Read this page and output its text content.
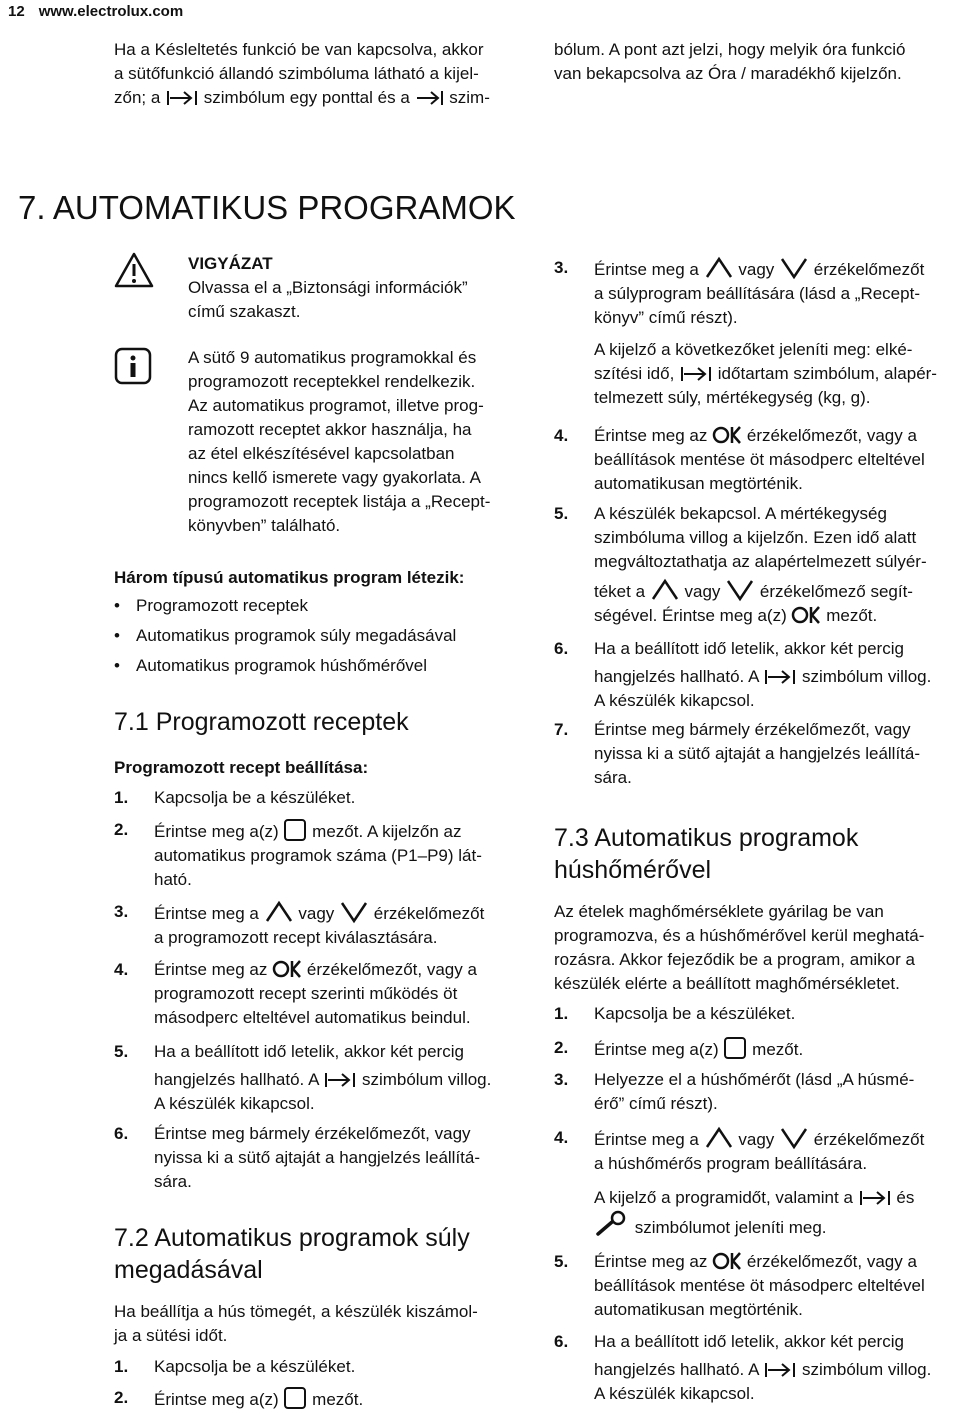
12 www.electrolux.com
Ha a Késleltetés funkció be van kapcsolva, akkor
a sütőfunkció állandó szimbóluma látható a kijel-
zőn; a	szimbólum egy ponttal és a szim-
bólum. A pont azt jelzi, hogy melyik óra funkció
van bekapcsolva az Óra / maradékhő kijelzőn.
7. AUTOMATIKUS PROGRAMOK
VIGYÁZAT
Olvassa el a „Biztonsági információk”
című szakaszt.
A sütő 9 automatikus programokkal és
programozott receptekkel rendelkezik.
Az automatikus programot, illetve prog-
ramozott receptet akkor használja, ha
az étel elkészítésével kapcsolatban
nincs kellő ismerete vagy gyakorlata. A
programozott receptek listája a „Recept-
könyvben” található.
Három típusú automatikus program létezik:
• Programozott receptek
• Automatikus programok súly megadásával
• Automatikus programok húshőmérővel
7.1 Programozott receptek
Programozott recept beállítása:
1. Kapcsolja be a készüléket.
2. Érintse meg a(z) mezőt. A kijelzőn az
automatikus programok száma (P1–P9) lát-
ható.
3. Érintse meg a vagy érzékelőmezőt
a programozott recept kiválasztására.
4. Érintse meg az érzékelőmezőt, vagy a
programozott recept szerinti működés öt
másodperc elteltével automatikus beindul.
5. Ha a beállított idő letelik, akkor két percig
hangjelzés hallható. A	szimbólum villog.
A készülék kikapcsol.
6. Érintse meg bármely érzékelőmezőt, vagy
nyissa ki a sütő ajtaját a hangjelzés leállítá-
sára.
7.2 Automatikus programok súly
megadásával
Ha beállítja a hús tömegét, a készülék kiszámol-
ja a sütési időt.
1. Kapcsolja be a készüléket.
2. Érintse meg a(z) mezőt.
3. Érintse meg a vagy érzékelőmezőt
a súlyprogram beállítására (lásd a „Recept-
könyv” című részt).
A kijelző a következőket jeleníti meg: elké-
szítési idő,	időtartam szimbólum, alapér-
telmezett súly, mértékegység (kg, g).
4. Érintse meg az érzékelőmezőt, vagy a
beállítások mentése öt másodperc elteltével
automatikusan megtörténik.
5. A készülék bekapcsol. A mértékegység
szimbóluma villog a kijelzőn. Ezen idő alatt
megváltoztathatja az alapértelmezett súlyér-
téket a vagy érzékelőmező segít-
ségével. Érintse meg a(z) mezőt.
6. Ha a beállított idő letelik, akkor két percig
hangjelzés hallható. A	szimbólum villog.
A készülék kikapcsol.
7. Érintse meg bármely érzékelőmezőt, vagy
nyissa ki a sütő ajtaját a hangjelzés leállítá-
sára.
7.3 Automatikus programok
húshőmérővel
Az ételek maghőmérséklete gyárilag be van
programozva, és a húshőmérővel kerül meghatá-
rozásra. Akkor fejeződik be a program, amikor a
készülék elérte a beállított maghőmérsékletet.
1. Kapcsolja be a készüléket.
2. Érintse meg a(z) mezőt.
3. Helyezze el a húshőmérőt (lásd „A húsmé-
érő” című részt).
4. Érintse meg a vagy érzékelőmezőt
a húshőmérős program beállítására.
A kijelző a programidőt, valamint a	és
szimbólumot jeleníti meg.
5. Érintse meg az érzékelőmezőt, vagy a
beállítások mentése öt másodperc elteltével
automatikusan megtörténik.
6. Ha a beállított idő letelik, akkor két percig
hangjelzés hallható. A	szimbólum villog.
A készülék kikapcsol.
